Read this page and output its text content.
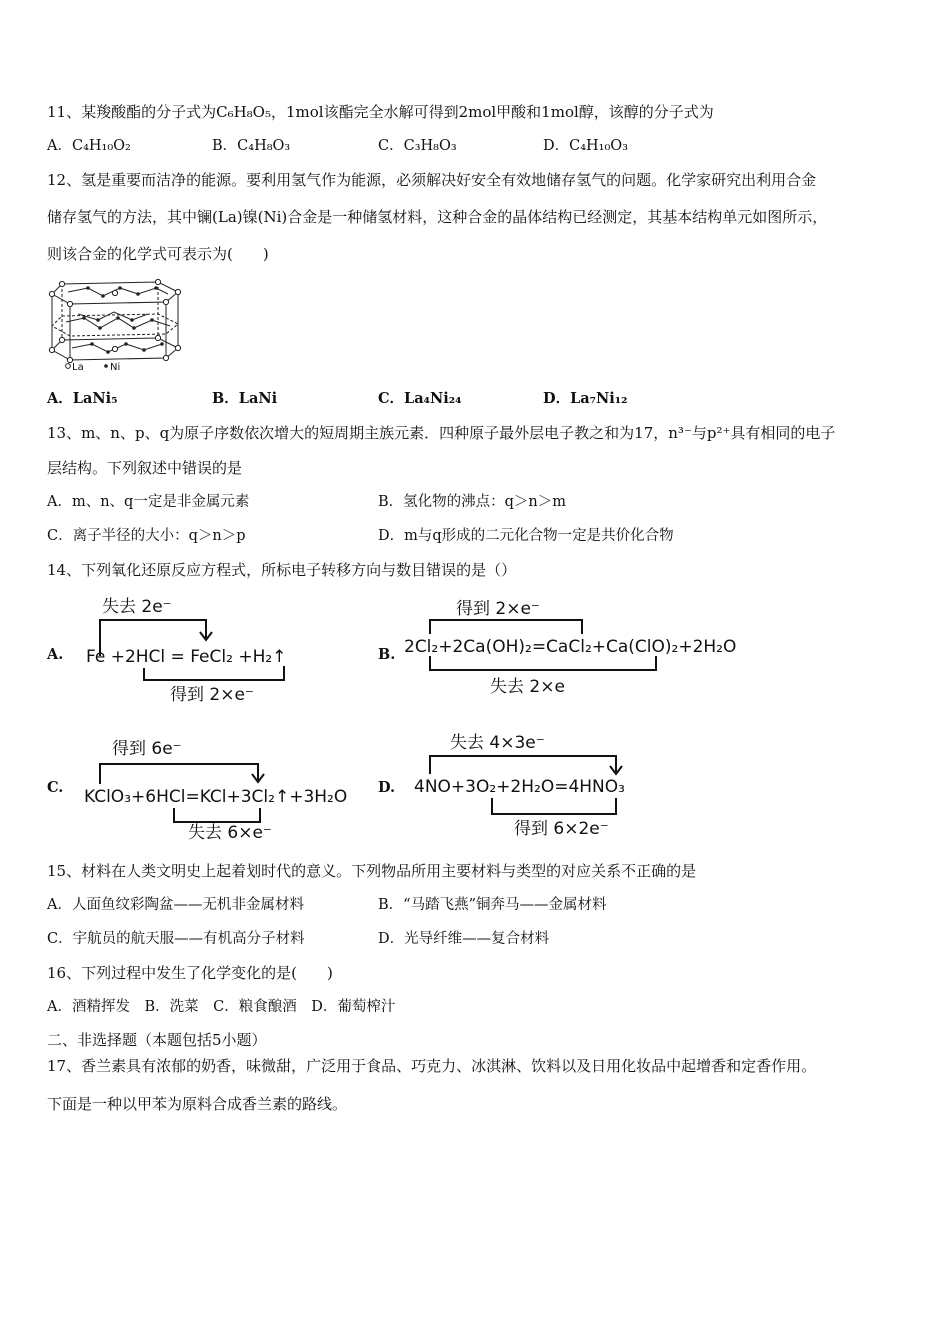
11、某羧酸酯的分子式为C₆H₈O₅，1mol该酯完全水解可得到2mol甲酸和1mol醇，该醇的分子式为
A．C₄H₁₀O₂	B．C₄H₈O₃	C．C₃H₈O₃	D．C₄H₁₀O₃
12、氢是重要而洁净的能源。要利用氢气作为能源，必须解决好安全有效地储存氢气的问题。化学家研究出利用合金
储存氢气的方法，其中镧(La)镍(Ni)合金是一种储氢材料，这种合金的晶体结构已经测定，其基本结构单元如图所示，
则该合金的化学式可表示为(　　)
La	Ni
A．LaNi₅	B．LaNi	C．La₄Ni₂₄	D．La₇Ni₁₂
13、m、n、p、q为原子序数依次增大的短周期主族元素．四种原子最外层电子教之和为17，n³⁻与p²⁺具有相同的电子
层结构。下列叙述中错误的是
A．m、n、q一定是非金属元素	B．氢化物的沸点：q＞n＞m
C．离子半径的大小：q＞n＞p	D．m与q形成的二元化合物一定是共价化合物
14、下列氧化还原反应方程式，所标电子转移方向与数目错误的是（）
A.
失去 2e⁻
Fe +2HCl = FeCl₂ +H₂↑
得到 2×e⁻
B.
得到 2×e⁻
2Cl₂+2Ca(OH)₂=CaCl₂+Ca(ClO)₂+2H₂O
失去 2×e
C.
得到 6e⁻
KClO₃+6HCl=KCl+3Cl₂↑+3H₂O
失去 6×e⁻
D.
失去 4×3e⁻
4NO+3O₂+2H₂O=4HNO₃
得到 6×2e⁻
15、材料在人类文明史上起着划时代的意义。下列物品所用主要材料与类型的对应关系不正确的是
A．人面鱼纹彩陶盆——无机非金属材料	B．“马踏飞燕”铜奔马——金属材料
C．宇航员的航天服——有机高分子材料	D．光导纤维——复合材料
16、下列过程中发生了化学变化的是(　　)
A．酒精挥发　B．洗菜　C．粮食酿酒　D．葡萄榨汁
二、非选择题（本题包括5小题）
17、香兰素具有浓郁的奶香，味微甜，广泛用于食品、巧克力、冰淇淋、饮料以及日用化妆品中起增香和定香作用。
下面是一种以甲苯为原料合成香兰素的路线。
